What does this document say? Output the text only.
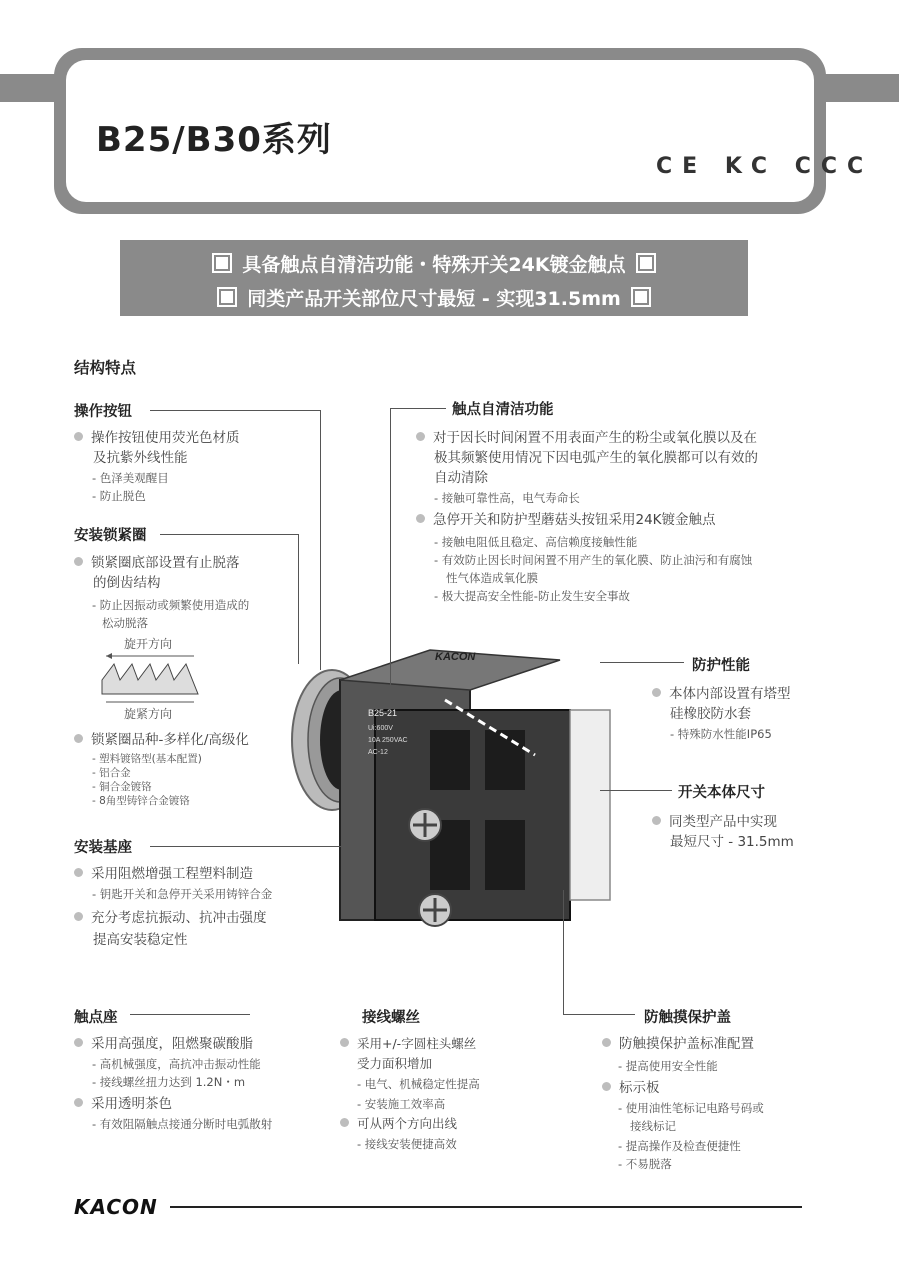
B25/B30系列
CE KC CCC
具备触点自清洁功能・特殊开关24K镀金触点
同类产品开关部位尺寸最短 - 实现31.5mm
结构特点
B25-21
Ui:600V
10A 250VAC
AC-12
KACON
操作按钮
操作按钮使用荧光色材质
及抗紫外线性能
- 色泽美观醒目
- 防止脱色
安装锁紧圈
锁紧圈底部设置有止脱落
的倒齿结构
- 防止因振动或频繁使用造成的
松动脱落
旋开方向
旋紧方向
锁紧圈品种-多样化/高级化
- 塑料镀铬型(基本配置)
- 铝合金
- 铜合金镀铬
- 8角型铸锌合金镀铬
安装基座
采用阻燃增强工程塑料制造
- 钥匙开关和急停开关采用铸锌合金
充分考虑抗振动、抗冲击强度
提高安装稳定性
触点自清洁功能
对于因长时间闲置不用表面产生的粉尘或氧化膜以及在
极其频繁使用情况下因电弧产生的氧化膜都可以有效的
自动清除
- 接触可靠性高，电气寿命长
急停开关和防护型蘑菇头按钮采用24K镀金触点
- 接触电阻低且稳定、高信赖度接触性能
- 有效防止因长时间闲置不用产生的氧化膜、防止油污和有腐蚀
性气体造成氧化膜
- 极大提高安全性能-防止发生安全事故
防护性能
本体内部设置有塔型
硅橡胶防水套
- 特殊防水性能IP65
开关本体尺寸
同类型产品中实现
最短尺寸 - 31.5mm
触点座
采用高强度，阻燃聚碳酸脂
- 高机械强度，高抗冲击振动性能
- 接线螺丝扭力达到 1.2N・m
采用透明茶色
- 有效阻隔触点接通分断时电弧散射
接线螺丝
采用+/-字圆柱头螺丝
受力面积增加
- 电气、机械稳定性提高
- 安装施工效率高
可从两个方向出线
- 接线安装便捷高效
防触摸保护盖
防触摸保护盖标准配置
- 提高使用安全性能
标示板
- 使用油性笔标记电路号码或
接线标记
- 提高操作及检查便捷性
- 不易脱落
KACON
